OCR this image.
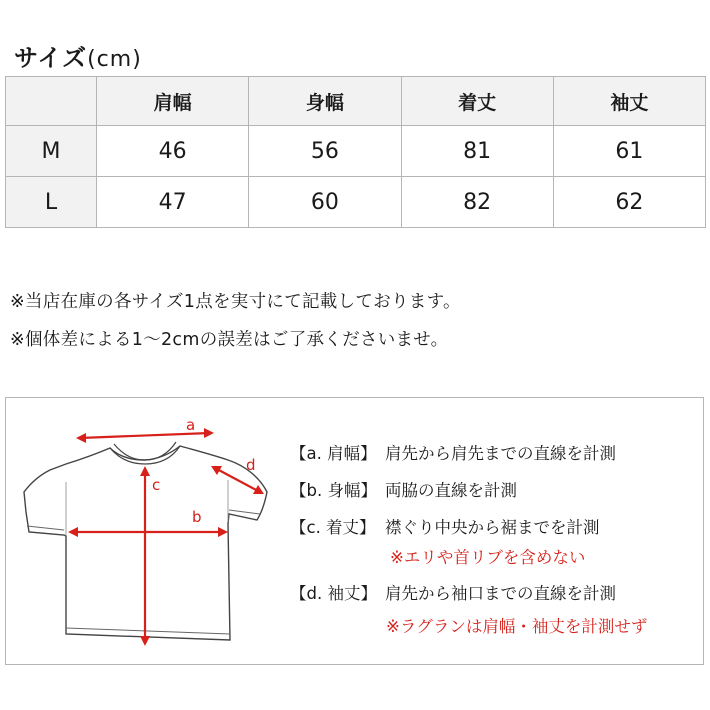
サイズ(cm)
	肩幅	身幅	着丈	袖丈
M	46	56	81	61
L	47	60	82	62
※当店在庫の各サイズ1点を実寸にて記載しております。
※個体差による1〜2cmの誤差はご了承くださいませ。
a
b
c
d
【a. 肩幅】 肩先から肩先までの直線を計測
【b. 身幅】 両脇の直線を計測
【c. 着丈】 襟ぐり中央から裾までを計測
※エリや首リブを含めない
【d. 袖丈】 肩先から袖口までの直線を計測
※ラグランは肩幅・袖丈を計測せず
